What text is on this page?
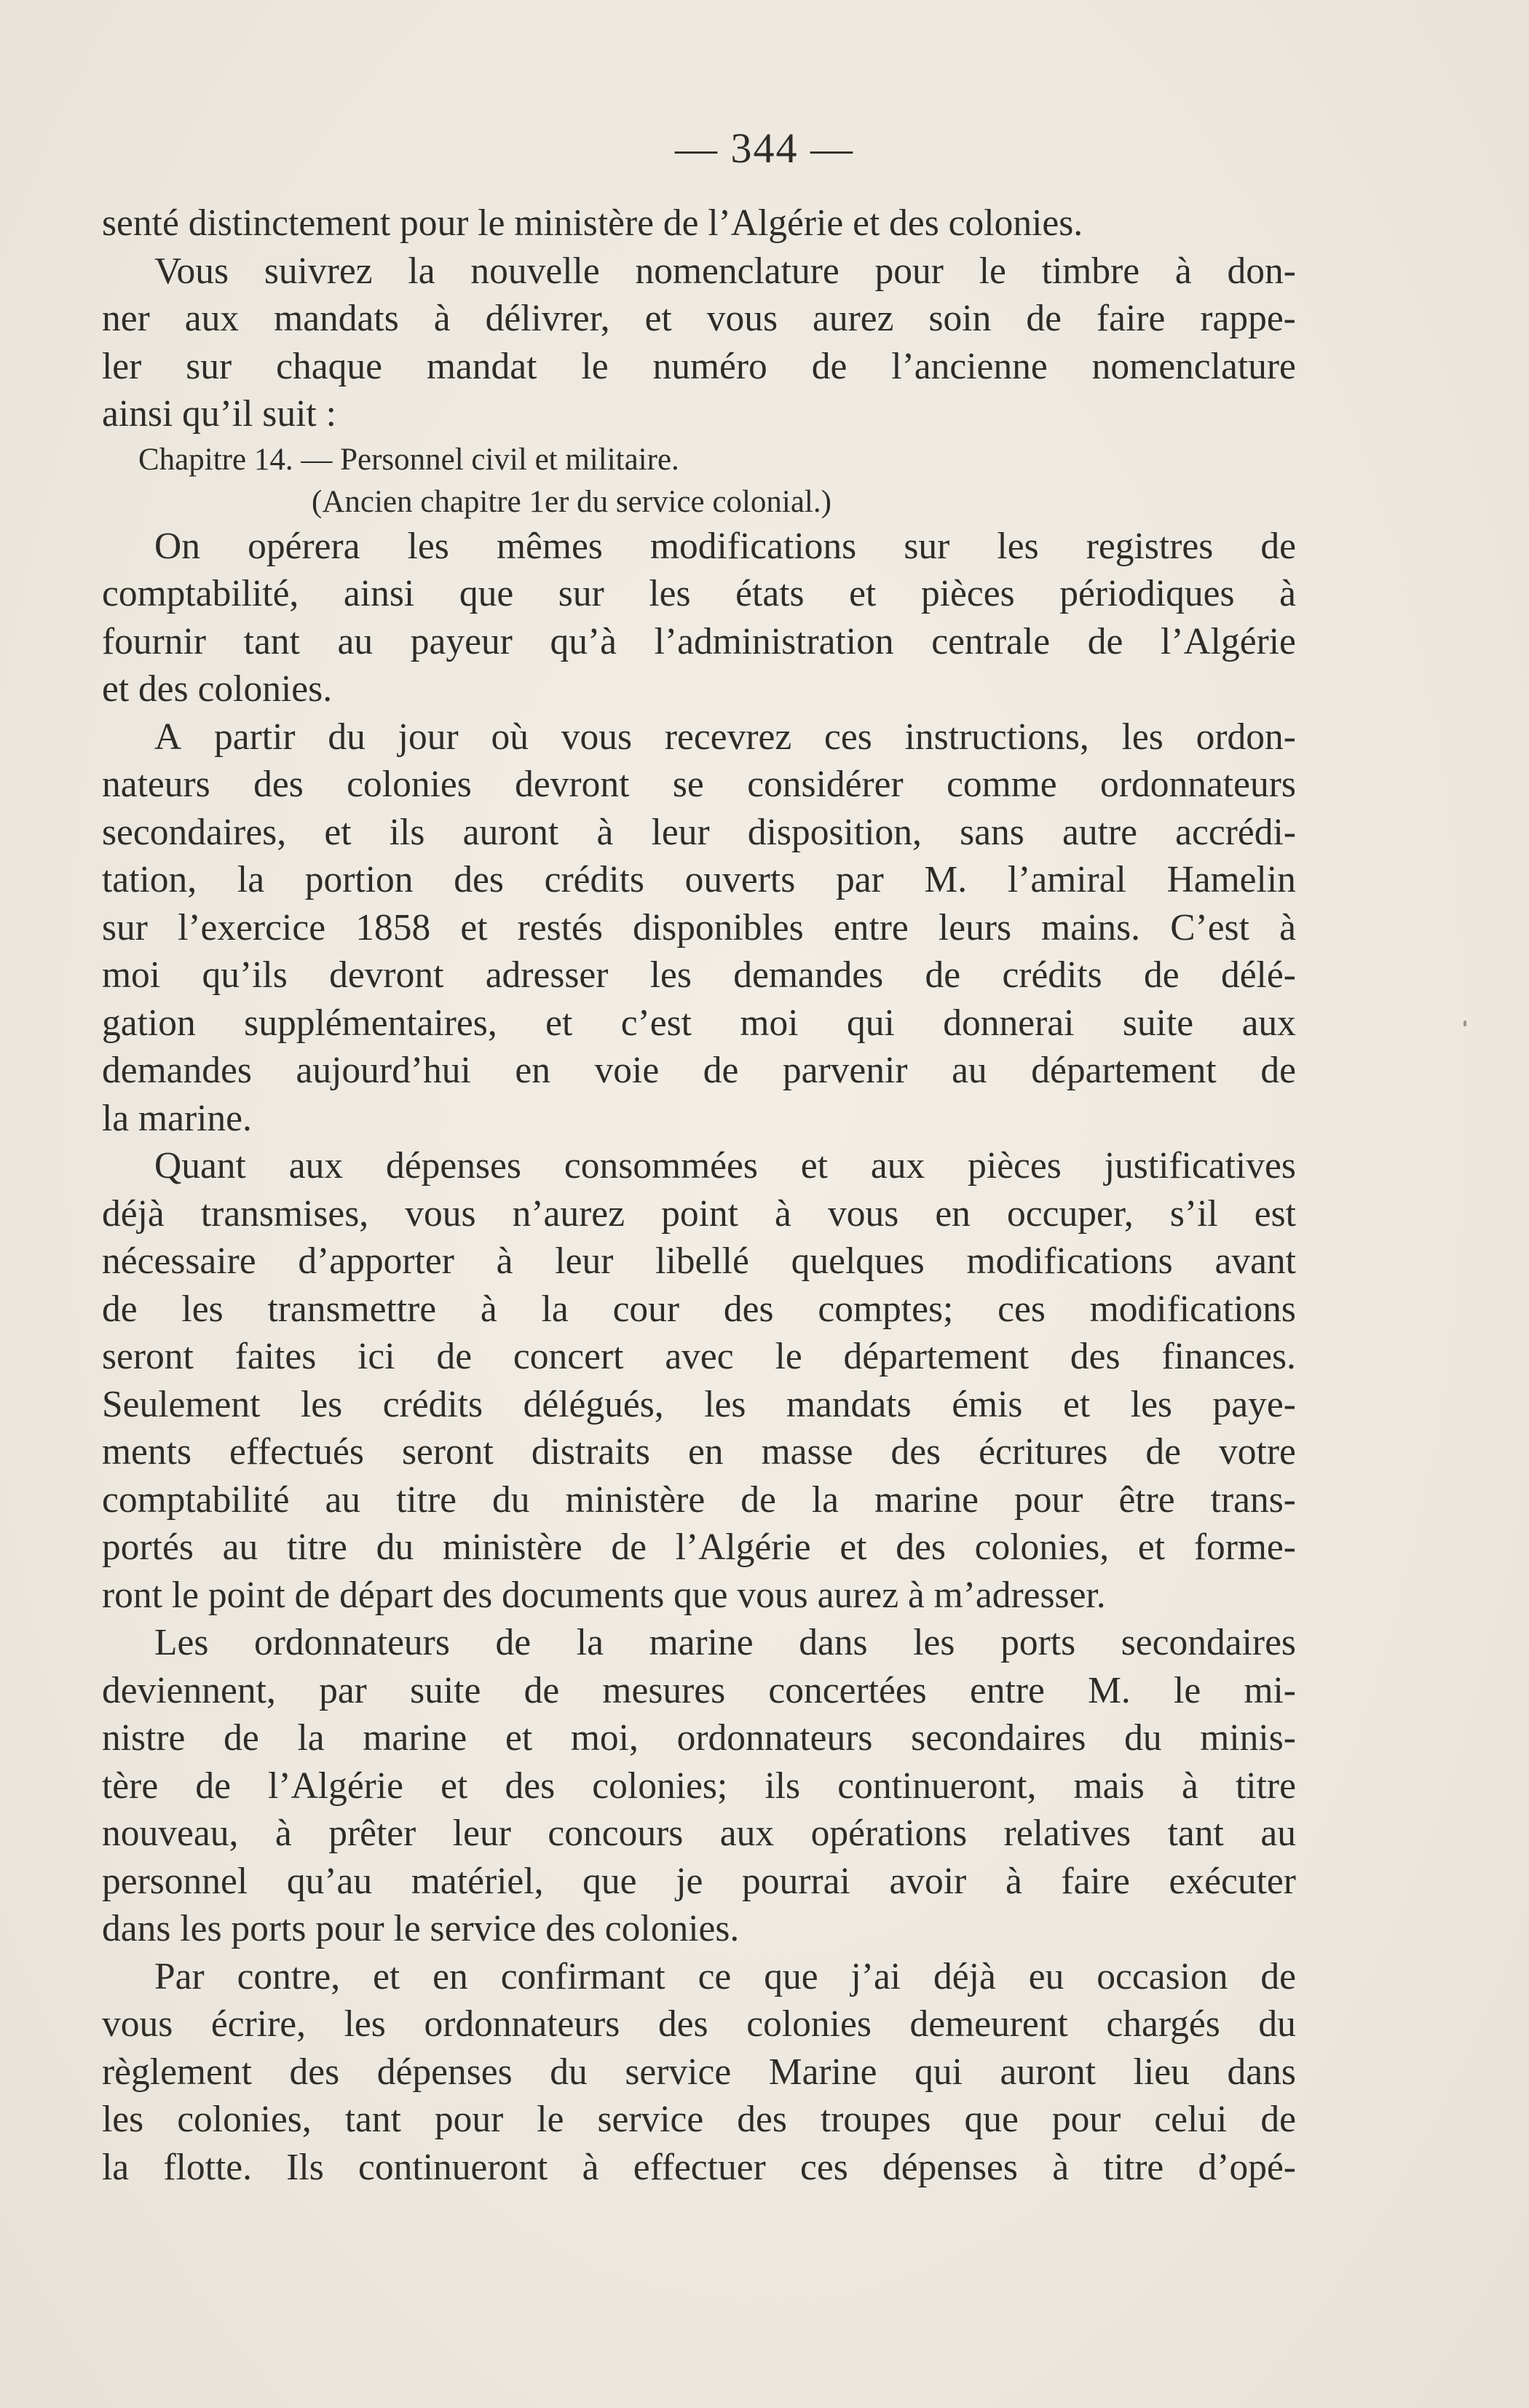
— 344 —
senté distinctement pour le ministère de l’Algérie et des colonies.
Vous suivrez la nouvelle nomenclature pour le timbre à don-
ner aux mandats à délivrer, et vous aurez soin de faire rappe-
ler sur chaque mandat le numéro de l’ancienne nomenclature
ainsi qu’il suit :
Chapitre 14. — Personnel civil et militaire.
(Ancien chapitre 1er du service colonial.)
On opérera les mêmes modifications sur les registres de
comptabilité, ainsi que sur les états et pièces périodiques à
fournir tant au payeur qu’à l’administration centrale de l’Algérie
et des colonies.
A partir du jour où vous recevrez ces instructions, les ordon-
nateurs des colonies devront se considérer comme ordonnateurs
secondaires, et ils auront à leur disposition, sans autre accrédi-
tation, la portion des crédits ouverts par M. l’amiral Hamelin
sur l’exercice 1858 et restés disponibles entre leurs mains. C’est à
moi qu’ils devront adresser les demandes de crédits de délé-
gation supplémentaires, et c’est moi qui donnerai suite aux
demandes aujourd’hui en voie de parvenir au département de
la marine.
Quant aux dépenses consommées et aux pièces justificatives
déjà transmises, vous n’aurez point à vous en occuper, s’il est
nécessaire d’apporter à leur libellé quelques modifications avant
de les transmettre à la cour des comptes; ces modifications
seront faites ici de concert avec le département des finances.
Seulement les crédits délégués, les mandats émis et les paye-
ments effectués seront distraits en masse des écritures de votre
comptabilité au titre du ministère de la marine pour être trans-
portés au titre du ministère de l’Algérie et des colonies, et forme-
ront le point de départ des documents que vous aurez à m’adresser.
Les ordonnateurs de la marine dans les ports secondaires
deviennent, par suite de mesures concertées entre M. le mi-
nistre de la marine et moi, ordonnateurs secondaires du minis-
tère de l’Algérie et des colonies; ils continueront, mais à titre
nouveau, à prêter leur concours aux opérations relatives tant au
personnel qu’au matériel, que je pourrai avoir à faire exécuter
dans les ports pour le service des colonies.
Par contre, et en confirmant ce que j’ai déjà eu occasion de
vous écrire, les ordonnateurs des colonies demeurent chargés du
règlement des dépenses du service Marine qui auront lieu dans
les colonies, tant pour le service des troupes que pour celui de
la flotte. Ils continueront à effectuer ces dépenses à titre d’opé-
